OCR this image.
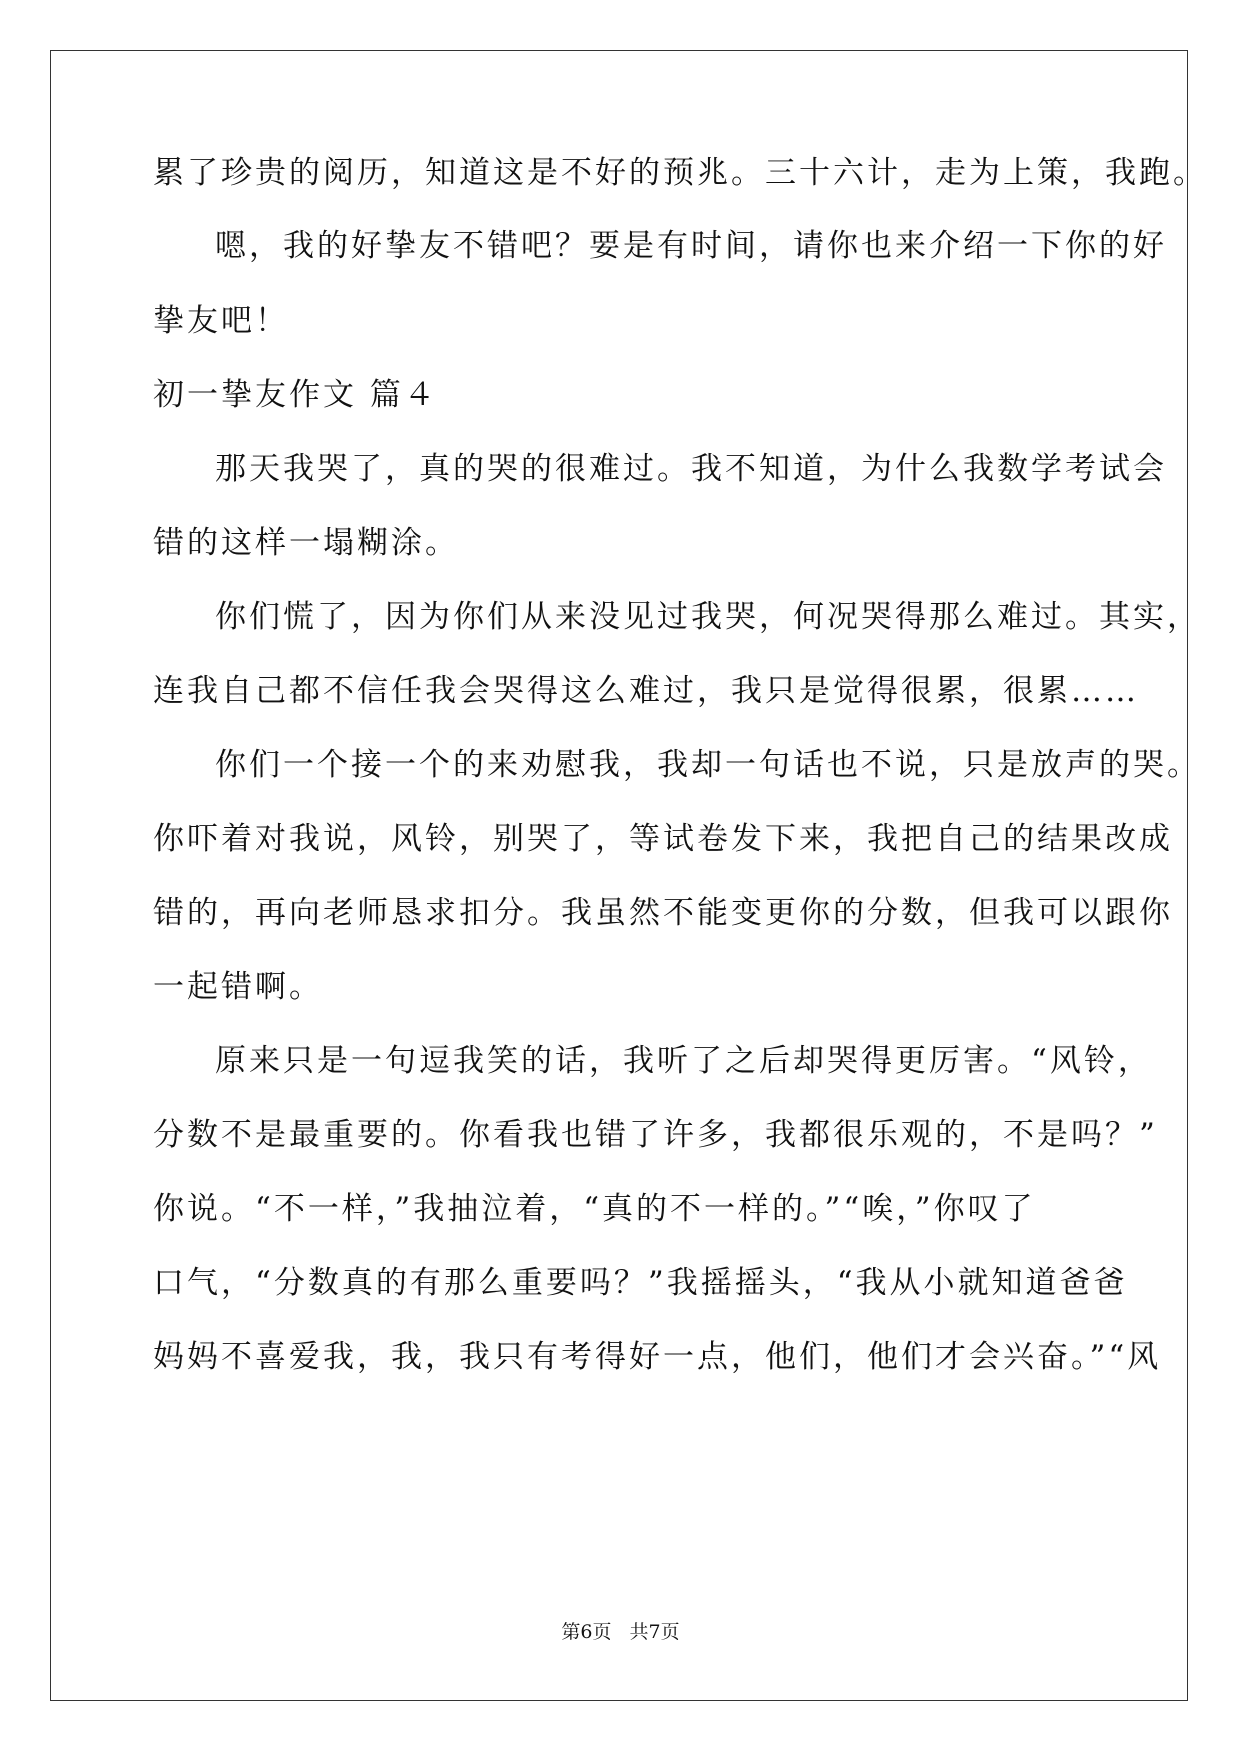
累了珍贵的阅历，知道这是不好的预兆。三十六计，走为上策，我跑。
嗯，我的好挚友不错吧？要是有时间，请你也来介绍一下你的好
挚友吧！
初一挚友作文 篇４
那天我哭了，真的哭的很难过。我不知道，为什么我数学考试会
错的这样一塌糊涂。
你们慌了，因为你们从来没见过我哭，何况哭得那么难过。其实，
连我自己都不信任我会哭得这么难过，我只是觉得很累，很累……
你们一个接一个的来劝慰我，我却一句话也不说，只是放声的哭。
你吓着对我说，风铃，别哭了，等试卷发下来，我把自己的结果改成
错的，再向老师恳求扣分。我虽然不能变更你的分数，但我可以跟你
一起错啊。
原来只是一句逗我笑的话，我听了之后却哭得更厉害。“风铃，
分数不是最重要的。你看我也错了许多，我都很乐观的，不是吗？”
你说。“不一样，”我抽泣着，“真的不一样的。”“唉，”你叹了
口气，“分数真的有那么重要吗？”我摇摇头，“我从小就知道爸爸
妈妈不喜爱我，我，我只有考得好一点，他们，他们才会兴奋。”“风
第6页 共7页
